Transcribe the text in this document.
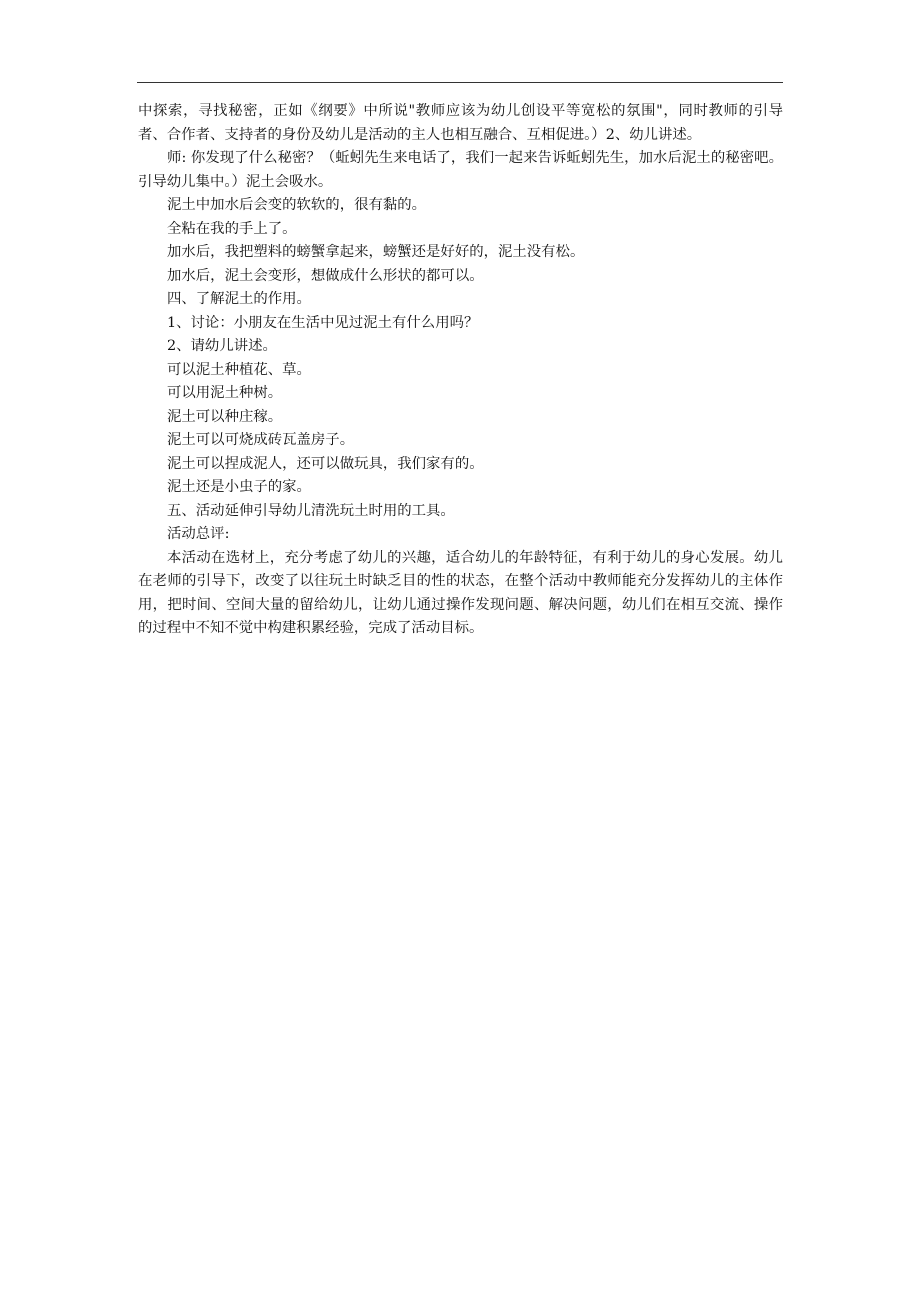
中探索，寻找秘密，正如《纲要》中所说"教师应该为幼儿创设平等宽松的氛围"，同时教师的引导者、合作者、支持者的身份及幼儿是活动的主人也相互融合、互相促进。）2、幼儿讲述。

师: 你发现了什么秘密？（蚯蚓先生来电话了，我们一起来告诉蚯蚓先生，加水后泥土的秘密吧。引导幼儿集中。）泥土会吸水。

泥土中加水后会变的软软的，很有黏的。

全粘在我的手上了。

加水后，我把塑料的螃蟹拿起来，螃蟹还是好好的，泥土没有松。

加水后，泥土会变形，想做成什么形状的都可以。

四、了解泥土的作用。

1、讨论：小朋友在生活中见过泥土有什么用吗？

2、请幼儿讲述。

可以泥土种植花、草。

可以用泥土种树。

泥土可以种庄稼。

泥土可以可烧成砖瓦盖房子。

泥土可以捏成泥人，还可以做玩具，我们家有的。

泥土还是小虫子的家。

五、活动延伸引导幼儿清洗玩土时用的工具。

活动总评:

本活动在选材上，充分考虑了幼儿的兴趣，适合幼儿的年龄特征，有利于幼儿的身心发展。幼儿在老师的引导下，改变了以往玩土时缺乏目的性的状态，在整个活动中教师能充分发挥幼儿的主体作用，把时间、空间大量的留给幼儿，让幼儿通过操作发现问题、解决问题，幼儿们在相互交流、操作的过程中不知不觉中构建积累经验，完成了活动目标。
